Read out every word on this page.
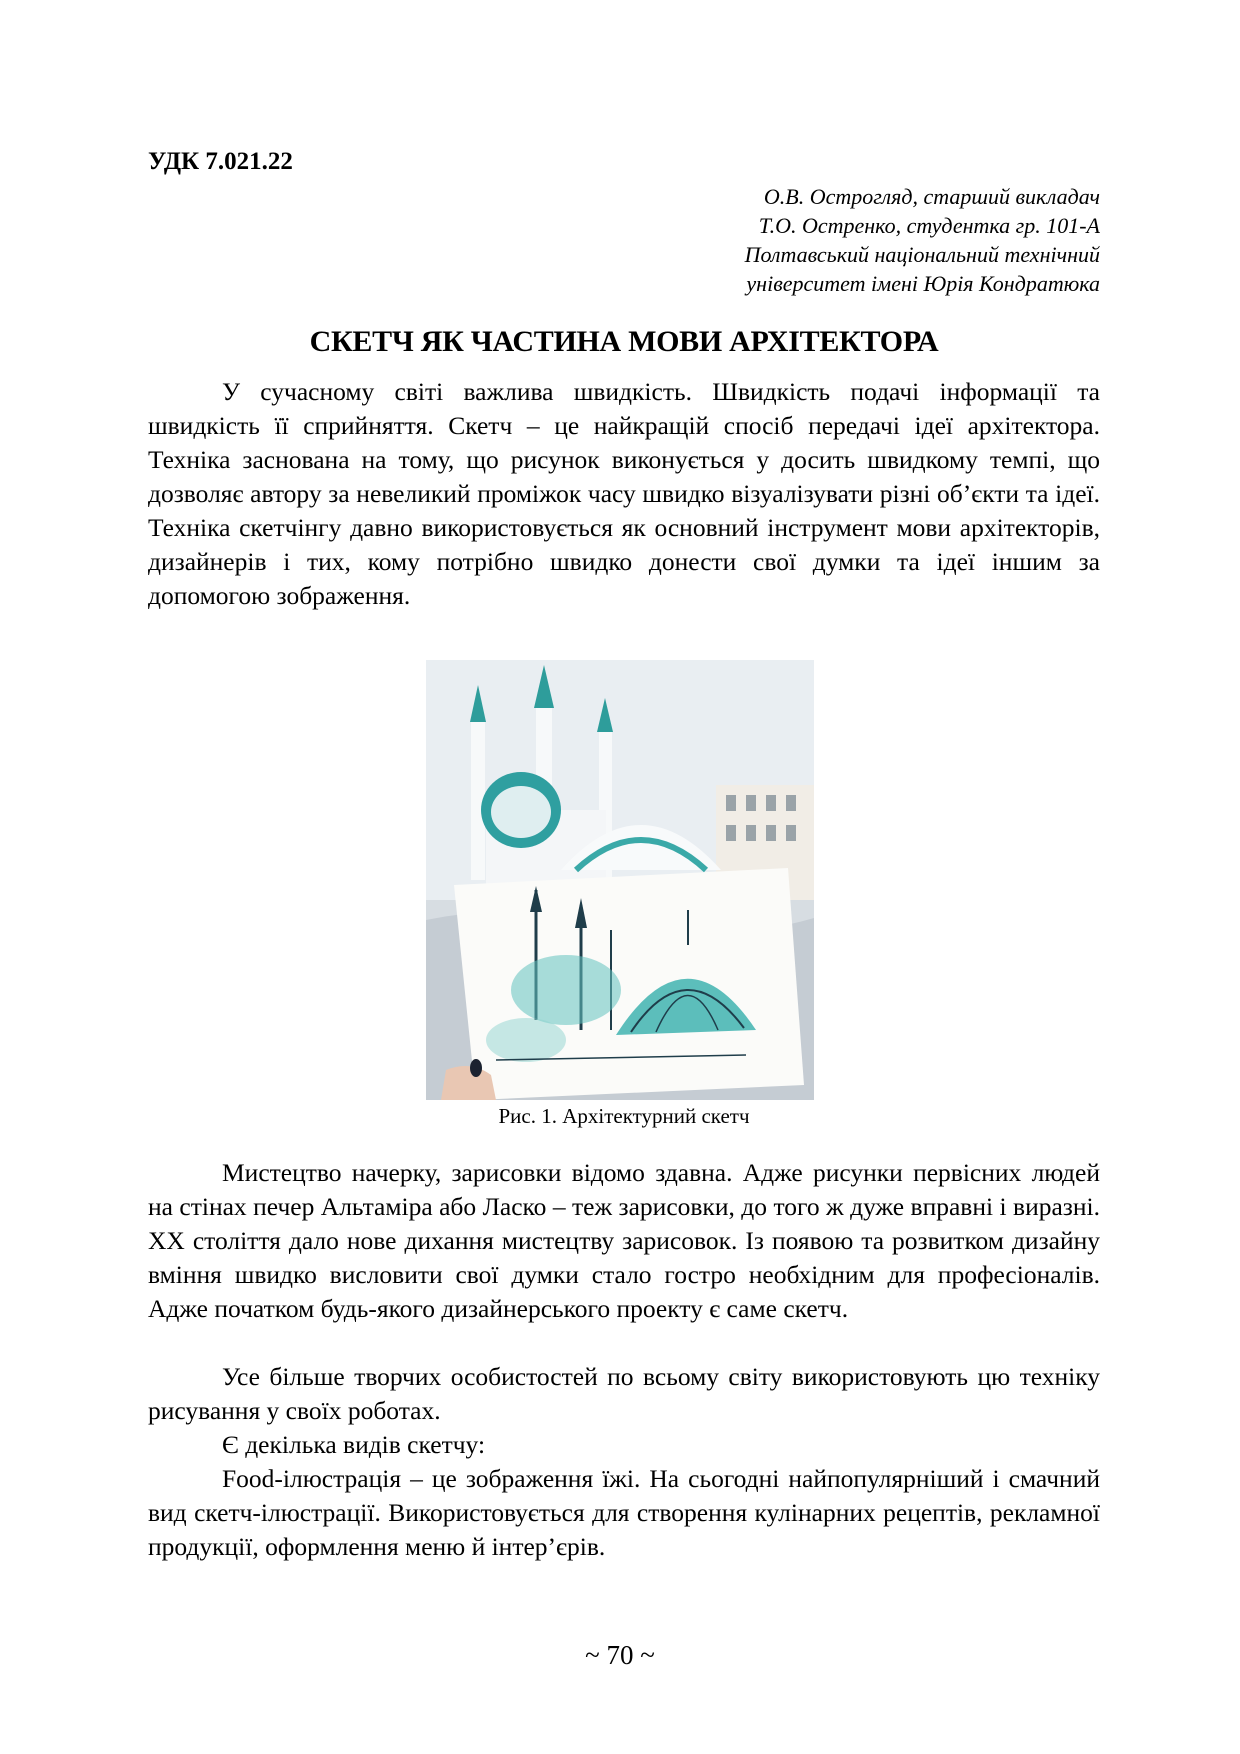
УДК 7.021.22
О.В. Острогляд, старший викладач
Т.О. Остренко, студентка гр. 101-А
Полтавський національний технічний
університет імені Юрія Кондратюка
СКЕТЧ ЯК ЧАСТИНА МОВИ АРХІТЕКТОРА

У сучасному світі важлива швидкість. Швидкість подачі інформації та швидкість її сприйняття. Скетч – це найкращій спосіб передачі ідеї архітектора. Техніка заснована на тому, що рисунок виконується у досить швидкому темпі, що дозволяє автору за невеликий проміжок часу швидко візуалізувати різні об’єкти та ідеї. Техніка скетчінгу давно використовується як основний інструмент мови архітекторів, дизайнерів і тих, кому потрібно швидко донести свої думки та ідеї іншим за допомогою зображення.

Рис. 1. Архітектурний скетч

Мистецтво начерку, зарисовки відомо здавна. Адже рисунки первісних людей на стінах печер Альтаміра або Ласко – теж зарисовки, до того ж дуже вправні і виразні. XX століття дало нове дихання мистецтву зарисовок. Із появою та розвитком дизайну вміння швидко висловити свої думки стало гостро необхідним для професіоналів. Адже початком будь-якого дизайнерського проекту є саме скетч.

Усе більше творчих особистостей по всьому світу використовують цю техніку рисування у своїх роботах.

Є декілька видів скетчу:

Food-ілюстрація – це зображення їжі. На сьогодні найпопулярніший і смачний вид скетч-ілюстрації. Використовується для створення кулінарних рецептів, рекламної продукції, оформлення меню й інтер’єрів.

~ 70 ~
